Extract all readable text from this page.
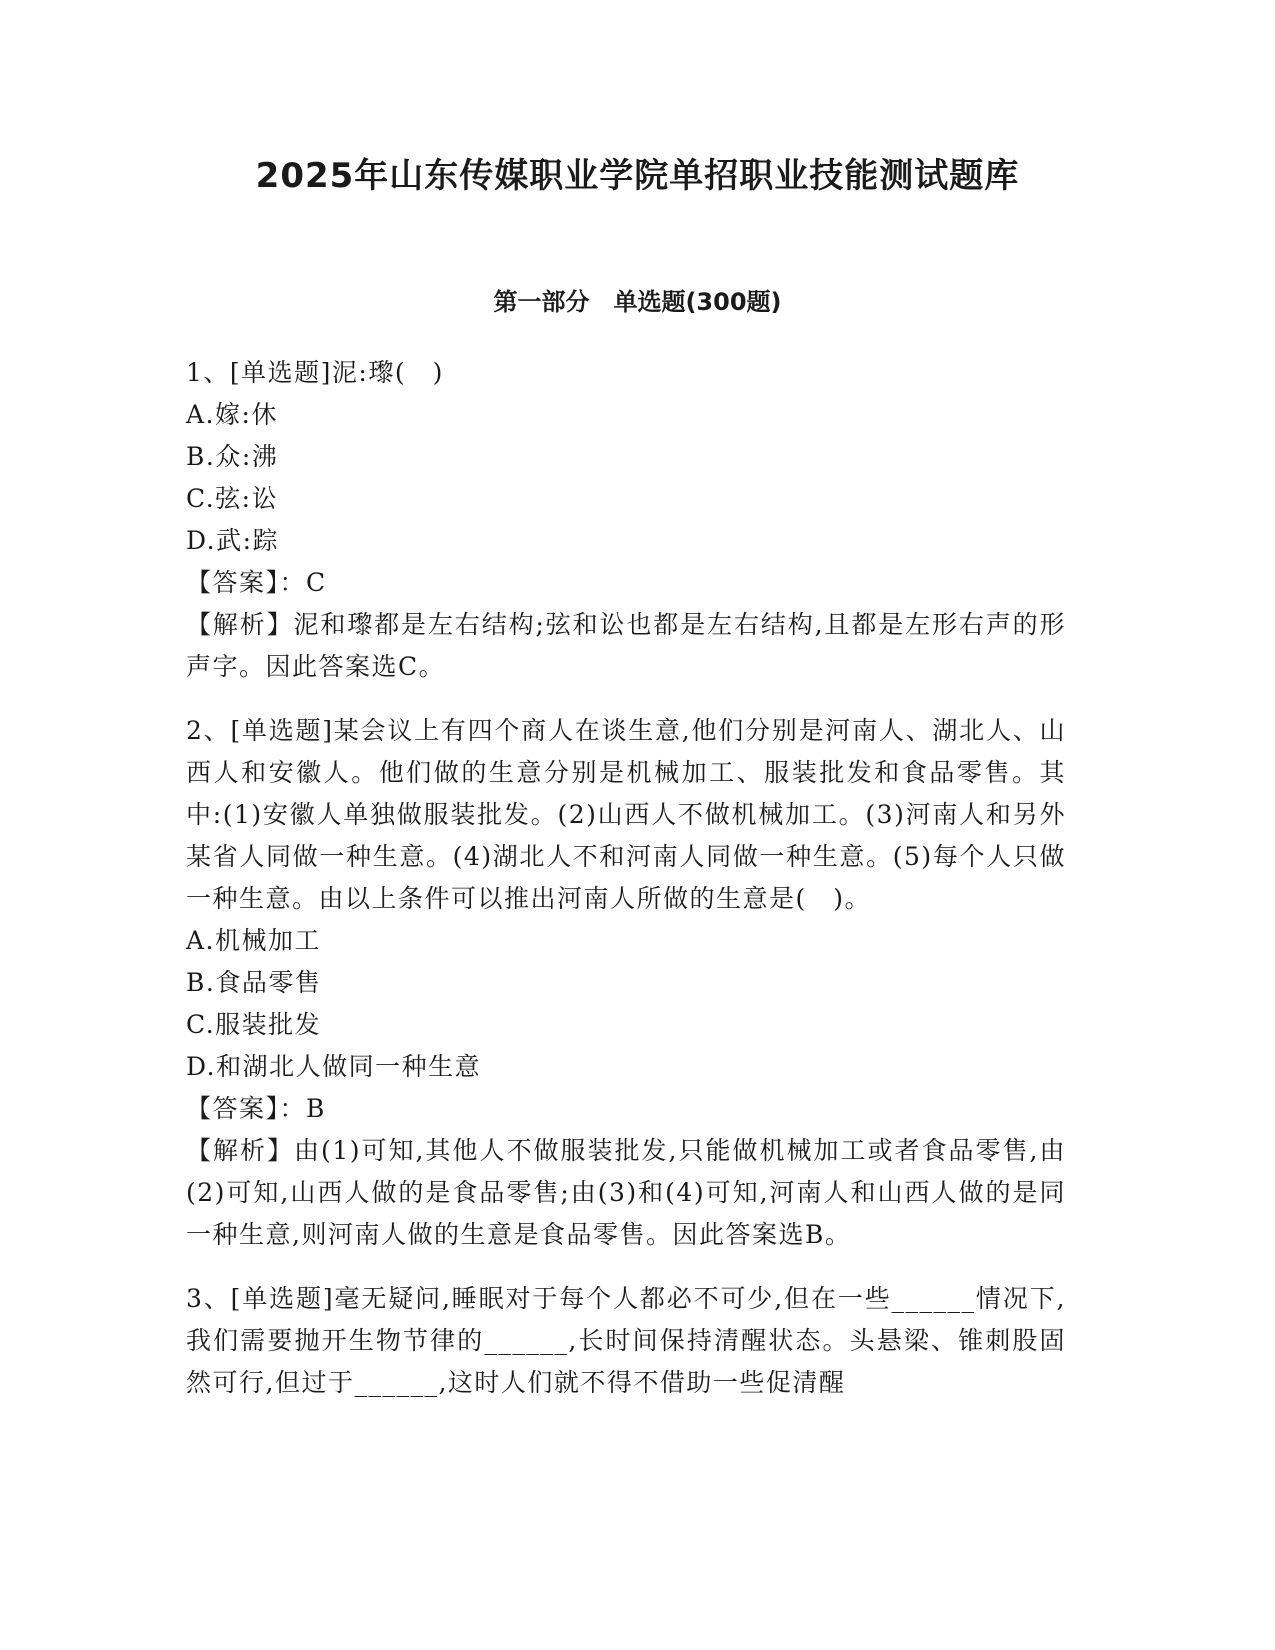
2025年山东传媒职业学院单招职业技能测试题库
第一部分　单选题(300题)

1、[单选题]泥:瓈(　)

A.嫁:休

B.众:沸

C.弦:讼

D.武:踪

【答案】：C

【解析】泥和瓈都是左右结构;弦和讼也都是左右结构,且都是左形右声的形声字。因此答案选C。

2、[单选题]某会议上有四个商人在谈生意,他们分别是河南人、湖北人、山西人和安徽人。他们做的生意分别是机械加工、服装批发和食品零售。其中:(1)安徽人单独做服装批发。(2)山西人不做机械加工。(3)河南人和另外某省人同做一种生意。(4)湖北人不和河南人同做一种生意。(5)每个人只做一种生意。由以上条件可以推出河南人所做的生意是(　)。

A.机械加工

B.食品零售

C.服装批发

D.和湖北人做同一种生意

【答案】：B

【解析】由(1)可知,其他人不做服装批发,只能做机械加工或者食品零售,由(2)可知,山西人做的是食品零售;由(3)和(4)可知,河南人和山西人做的是同一种生意,则河南人做的生意是食品零售。因此答案选B。

3、[单选题]毫无疑问,睡眠对于每个人都必不可少,但在一些______情况下,我们需要抛开生物节律的______,长时间保持清醒状态。头悬梁、锥刺股固然可行,但过于______,这时人们就不得不借助一些促清醒
